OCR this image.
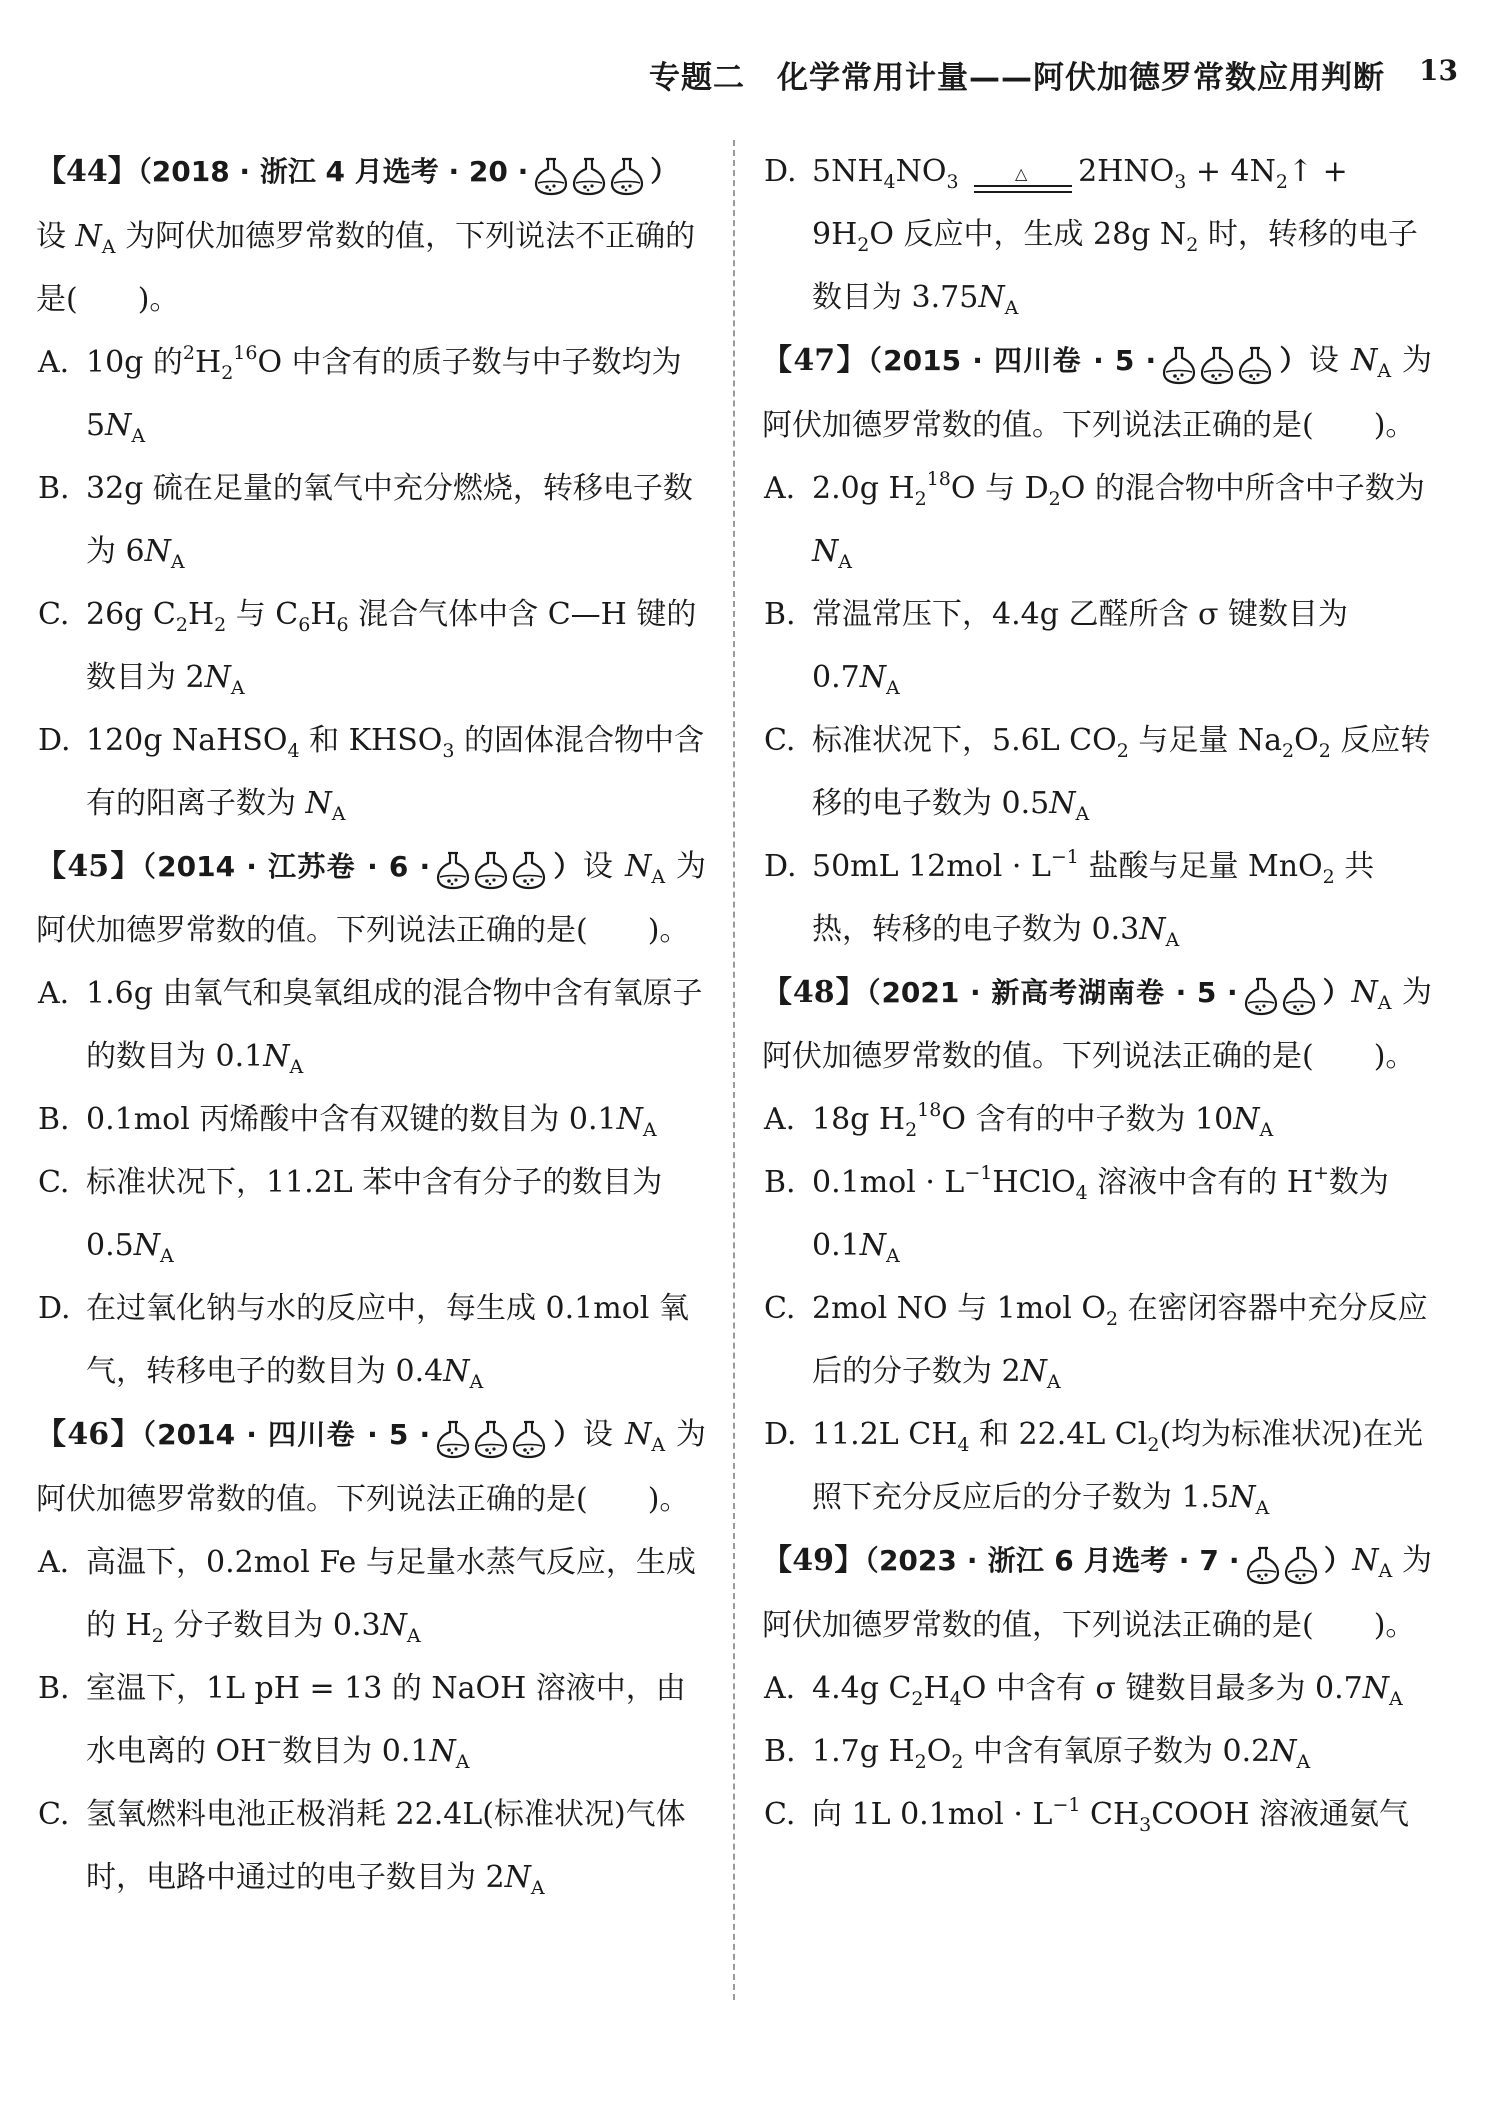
专题二　化学常用计量——阿伏加德罗常数应用判断 13

【44】（2018 · 浙江 4 月选考 · 20 ·	）

设 $N_A$ 为阿伏加德罗常数的值，下列说法不正确的是(　　)。
A. 10g 的$^2H_2^{16}O$ 中含有的质子数与中子数均为 $5N_A$
B. 32g 硫在足量的氧气中充分燃烧，转移电子数为 $6N_A$
C. 26g $C_2H_2$ 与 $C_6H_6$ 混合气体中含 C—H 键的数目为 $2N_A$
D. 120g NaHSO$_4$ 和 $KHSO_3$ 的固体混合物中含有的阳离子数为 $N_A$

【45】（2014 · 江苏卷 · 6 ·	）设 $N_A$ 为阿伏加德罗常数的值。下列说法正确的是(　　)。

A. 1.6g 由氧气和臭氧组成的混合物中含有氧原子的数目为 $0.1N_A$
B. 0.1mol 丙烯酸中含有双键的数目为 $0.1N_A$
C. 标准状况下，11.2L 苯中含有分子的数目为 $0.5N_A$
D. 在过氧化钠与水的反应中，每生成 0.1mol 氧气，转移电子的数目为 $0.4N_A$

【46】（2014 · 四川卷 · 5 ·	）设 $N_A$ 为阿伏加德罗常数的值。下列说法正确的是(　　)。

A. 高温下，0.2mol Fe 与足量水蒸气反应，生成的 $H_2$ 分子数目为 $0.3N_A$
B. 室温下，1L pH = 13 的 NaOH 溶液中，由水电离的 OH−数目为 $0.1N_A$
C. 氢氧燃料电池正极消耗 22.4L(标准状况)气体时，电路中通过的电子数目为 $2N_A$
D. $5NH_4NO_3$	△ $2HNO_3$ + $4N_2↑ + 9H_2O$ 反应中，生成 28g $N_2$ 时，转移的电子数目为 $3.75N_A$

【47】（2015 · 四川卷 · 5 ·	）设 $N_A$ 为阿伏加德罗常数的值。下列说法正确的是(　　)。

A. 2.0g $H_2^{18}O$ 与 $D_2O$ 的混合物中所含中子数为 $N_A$
B. 常温常压下，4.4g 乙醛所含 σ 键数目为 $0.7N_A$
C. 标准状况下，5.6L $CO_2$ 与足量 $Na_2O_2$ 反应转移的电子数为 $0.5N_A$
D. 50mL $12mol \cdot L^{-1}$ 盐酸与足量 MnO$_2$ 共热，转移的电子数为 $0.3N_A$

【48】（2021 · 新高考湖南卷 · 5 ·	）$N_A$ 为阿伏加德罗常数的值。下列说法正确的是(　　)。

A. 18g $H_2^{18}O$ 含有的中子数为 $10N_A$
B. $0.1mol \cdot L^{-1}HClO_4$ 溶液中含有的 H+数为 $0.1N_A$
C. 2mol NO 与 1mol $O_2$ 在密闭容器中充分反应后的分子数为 $2N_A$
D. 11.2L $CH_4$ 和 22.4L $Cl_2$(均为标准状况)在光照下充分反应后的分子数为 $1.5N_A$

【49】（2023 · 浙江 6 月选考 · 7 ·	）$N_A$ 为阿伏加德罗常数的值，下列说法正确的是(　　)。

A. 4.4g $C_2H_4O$ 中含有 σ 键数目最多为 $0.7N_A$
B. 1.7g $H_2O_2$ 中含有氧原子数为 $0.2N_A$
C. 向 1L $0.1mol \cdot L^{-1}$ $CH_3COOH$ 溶液通氨气
